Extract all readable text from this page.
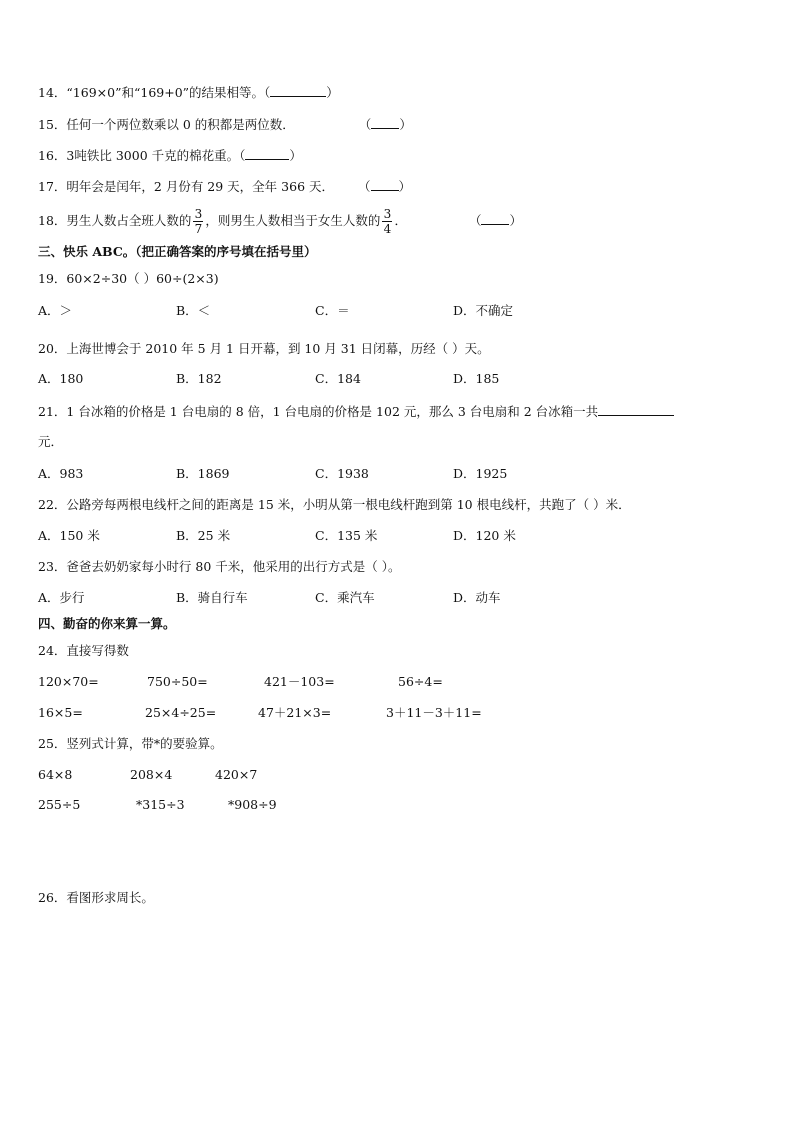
14．“169×0”和“169+0”的结果相等。（	）
15．任何一个两位数乘以 0 的积都是两位数．	（ ）
16．3吨铁比 3000 千克的棉花重。（	）
17．明年会是闰年，2 月份有 29 天，全年 366 天． （ ）
18．男生人数占全班人数的 $\frac{3}{7}$ ，则男生人数相当于女生人数的 $\frac{3}{4}$ ．	（ ）
三、快乐 ABC。（把正确答案的序号填在括号里）
19．60×2÷30（ ）60÷(2×3)
A．＞	B．＜	C．＝	D．不确定
20．上海世博会于 2010 年 5 月 1 日开幕，到 10 月 31 日闭幕，历经（ ）天。
A．180	B．182	C．184	D．185
21．1 台冰箱的价格是 1 台电扇的 8 倍，1 台电扇的价格是 102 元，那么 3 台电扇和 2 台冰箱一共
元．
A．983	B．1869	C．1938	D．1925
22．公路旁每两根电线杆之间的距离是 15 米，小明从第一根电线杆跑到第 10 根电线杆，共跑了（ ）米．
A．150 米	B．25 米	C．135 米	D．120 米
23．爸爸去奶奶家每小时行 80 千米，他采用的出行方式是（ ）。
A．步行	B．骑自行车	C．乘汽车	D．动车
四、勤奋的你来算一算。
24．直接写得数
120×70=	750÷50=	421－103=	56÷4=
16×5=	25×4÷25=	47＋21×3=	3＋11－3＋11=
25．竖列式计算，带*的要验算。
64×8	208×4	420×7
255÷5	*315÷3	*908÷9
26．看图形求周长。
